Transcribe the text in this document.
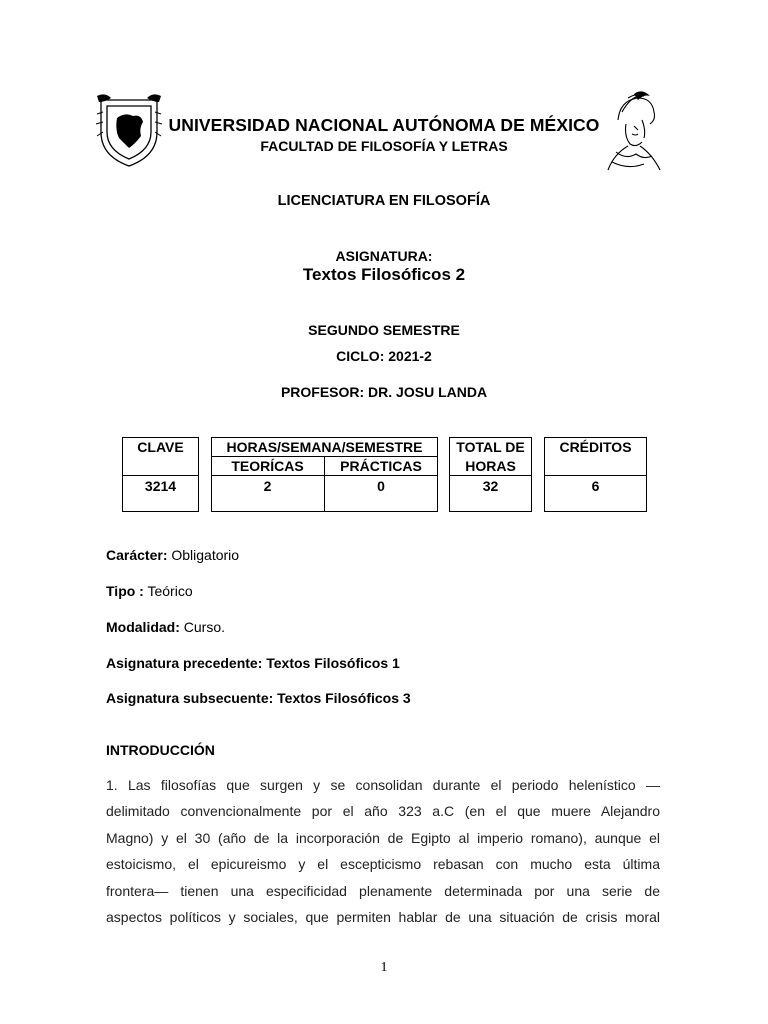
UNIVERSIDAD NACIONAL AUTÓNOMA DE MÉXICO
FACULTAD DE FILOSOFÍA Y LETRAS
LICENCIATURA EN FILOSOFÍA
ASIGNATURA:
Textos Filosóficos 2
SEGUNDO SEMESTRE
CICLO: 2021-2
PROFESOR: DR. JOSU LANDA
CLAVE
3214
HORAS/SEMANA/SEMESTRE
TEORÍCAS	PRÁCTICAS
2	0
TOTAL DE
HORAS
32
CRÉDITOS
6
Carácter: Obligatorio
Tipo : Teórico
Modalidad: Curso.
Asignatura precedente: Textos Filosóficos 1
Asignatura subsecuente: Textos Filosóficos 3
INTRODUCCIÓN
1. Las filosofías que surgen y se consolidan durante el periodo helenístico —
delimitado convencionalmente por el año 323 a.C (en el que muere Alejandro
Magno) y el 30 (año de la incorporación de Egipto al imperio romano), aunque el
estoicismo, el epicureismo y el escepticismo rebasan con mucho esta última
frontera— tienen una especificidad plenamente determinada por una serie de
aspectos políticos y sociales, que permiten hablar de una situación de crisis moral
1
